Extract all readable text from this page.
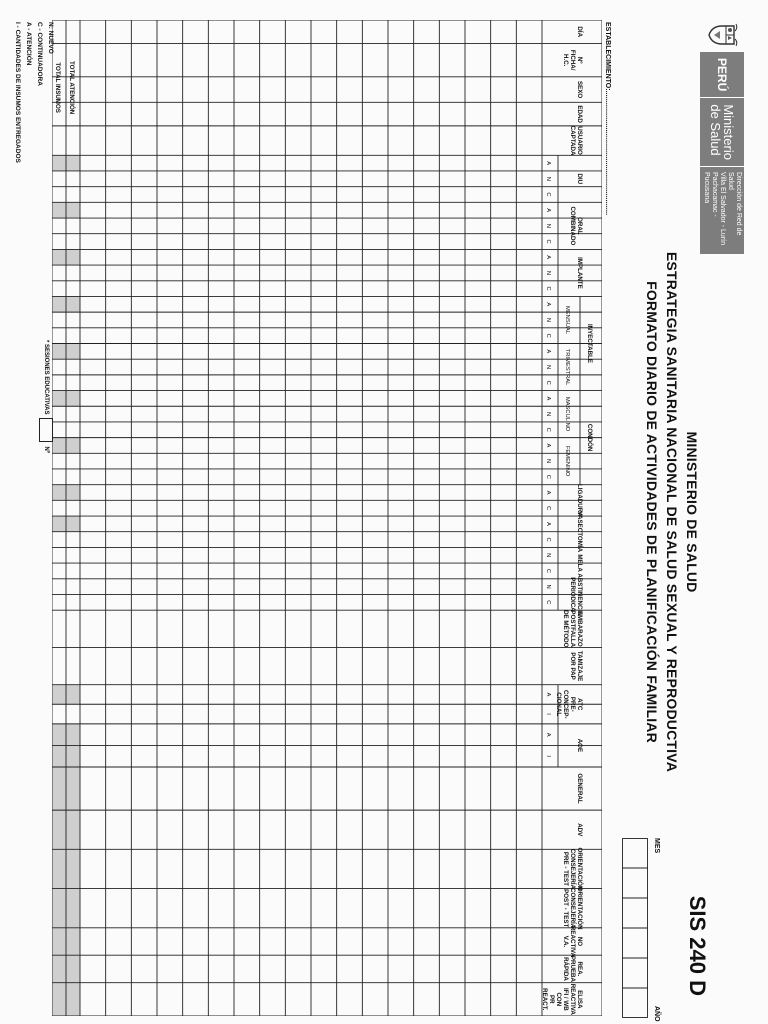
PERÚ
Ministerio
de Salud
Dirección de Red de Salud
Villa El Salvador - Lurín
Pachacamac - Pucusana
MINISTERIO DE SALUD
ESTRATEGIA SANITARIA NACIONAL DE SALUD SEXUAL Y REPRODUCTIVA
FORMATO DIARIO DE ACTIVIDADES DE PLANIFICACIÓN FAMILIAR
SIS 240 D
MES
AÑO
ESTABLECIMIENTO:................................................................
DÍA
NºFICHA/H.C.
SEXO
EDAD
USUARIOCAPTADA
EMBARAZOPOSTFALLADE MÉTODO
TAMIZAJEPOR PAP
GENERAL
ADV
ORIENTACIÓNCONSEJERÍAPRE - TEST
ORIENTACIÓNCONSEJERÍAPOST - TEST
NOREACTIVAV.A.
REA.PRUEBARÁPIDA
ELISAREACTIVAIFI / WBCONPRREACT.
DIU
ORALCOMBINADO
IMPLANTE
LIGADURA
VASECTOMÍA
MELA
ABSTINENCIAPERIÓDICA
ATCPRE-CONCEP-CIONAL
AOE
MENSUAL
TRIMESTRAL
MASCULINO
FEMENINO
INYECTABLE
CONDÓN
A
N
C
A
N
C
A
N
C
A
N
C
A
N
C
A
N
C
A
N
C
A
C
A
C
N
C
N
C
A
I
A
I
TOTAL ATENCIÓN
TOTAL INSUMOS
N: NUEVO
C - CONTINUADORA
A - ATENCIÓN
I - CANTIDADES DE INSUMOS ENTREGADOS
* SESIONES EDUCATIVAS
Nº
